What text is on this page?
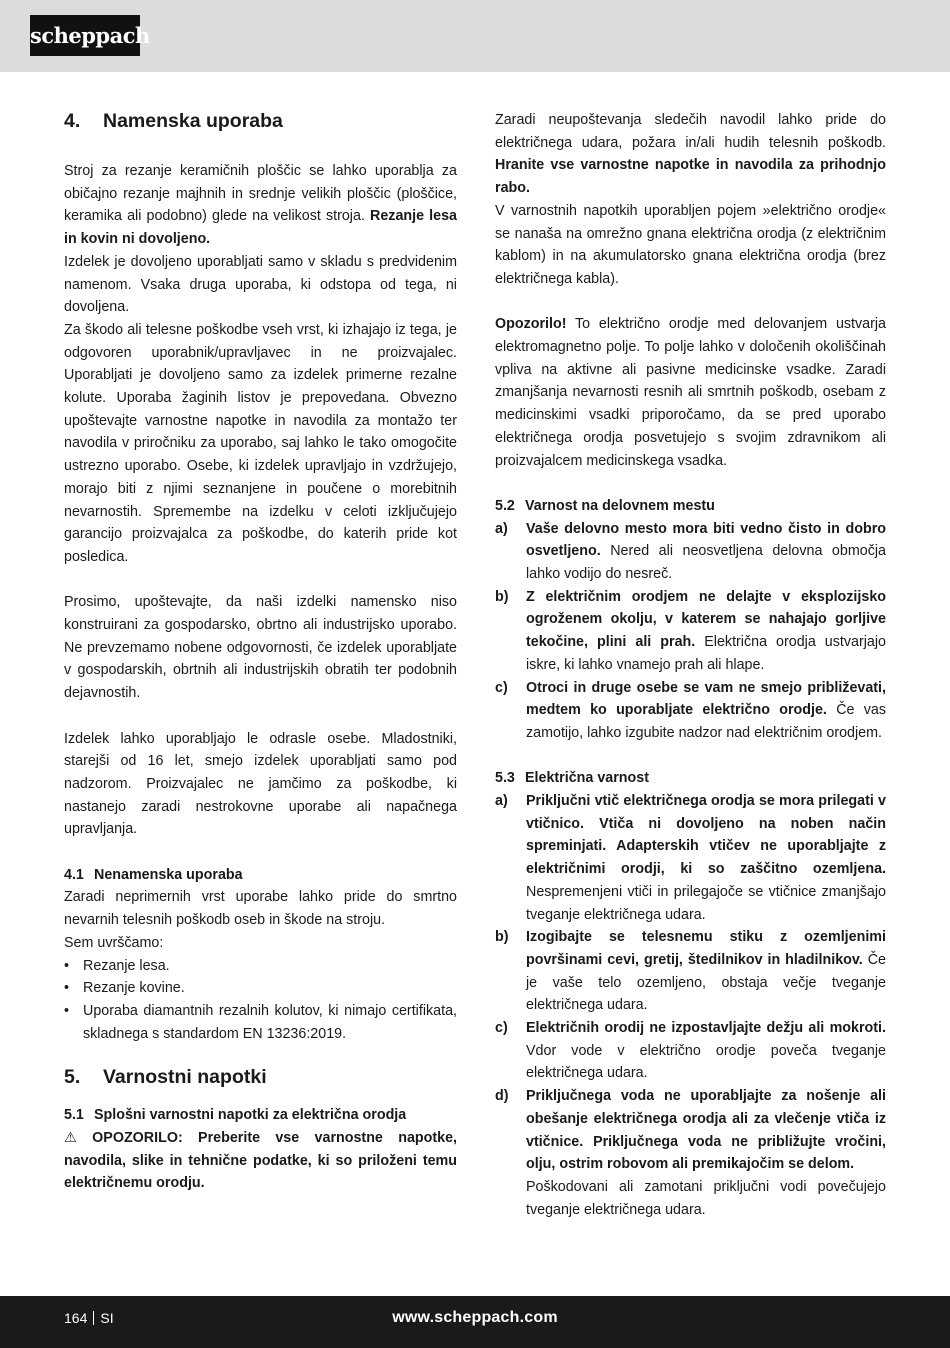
scheppach
4.	Namenska uporaba

Stroj za rezanje keramičnih ploščic se lahko uporablja za običajno rezanje majhnih in srednje velikih ploščic (ploščice, keramika ali podobno) glede na velikost stroja. Rezanje lesa in kovin ni dovoljeno.

Izdelek je dovoljeno uporabljati samo v skladu s predvidenim namenom. Vsaka druga uporaba, ki odstopa od tega, ni dovoljena.

Za škodo ali telesne poškodbe vseh vrst, ki izhajajo iz tega, je odgovoren uporabnik/upravljavec in ne proizvajalec. Uporabljati je dovoljeno samo za izdelek primerne rezalne kolute. Uporaba žaginih listov je prepovedana. Obvezno upoštevajte varnostne napotke in navodila za montažo ter navodila v priročniku za uporabo, saj lahko le tako omogočite ustrezno uporabo. Osebe, ki izdelek upravljajo in vzdržujejo, morajo biti z njimi seznanjene in poučene o morebitnih nevarnostih. Spremembe na izdelku v celoti izključujejo garancijo proizvajalca za poškodbe, do katerih pride kot posledica.

Prosimo, upoštevajte, da naši izdelki namensko niso konstruirani za gospodarsko, obrtno ali industrijsko uporabo. Ne prevzemamo nobene odgovornosti, če izdelek uporabljate v gospodarskih, obrtnih ali industrijskih obratih ter podobnih dejavnostih.

Izdelek lahko uporabljajo le odrasle osebe. Mladostniki, starejši od 16 let, smejo izdelek uporabljati samo pod nadzorom. Proizvajalec ne jamčimo za poškodbe, ki nastanejo zaradi nestrokovne uporabe ali napačnega upravljanja.

4.1 Nenamenska uporaba

Zaradi neprimernih vrst uporabe lahko pride do smrtno nevarnih telesnih poškodb oseb in škode na stroju.

Sem uvrščamo:

• Rezanje lesa.
• Rezanje kovine.
• Uporaba diamantnih rezalnih kolutov, ki nimajo certifikata, skladnega s standardom EN 13236:2019.
5.	Varnostni napotki
5.1 Splošni varnostni napotki za električna orodja

⚠ OPOZORILO: Preberite vse varnostne napotke, navodila, slike in tehnične podatke, ki so priloženi temu električnemu orodju.

Zaradi neupoštevanja sledečih navodil lahko pride do električnega udara, požara in/ali hudih telesnih poškodb. Hranite vse varnostne napotke in navodila za prihodnjo rabo.

V varnostnih napotkih uporabljen pojem »električno orodje« se nanaša na omrežno gnana električna orodja (z električnim kablom) in na akumulatorsko gnana električna orodja (brez električnega kabla).

Opozorilo! To električno orodje med delovanjem ustvarja elektromagnetno polje. To polje lahko v določenih okoliščinah vpliva na aktivne ali pasivne medicinske vsadke. Zaradi zmanjšanja nevarnosti resnih ali smrtnih poškodb, osebam z medicinskimi vsadki priporočamo, da se pred uporabo električnega orodja posvetujejo s svojim zdravnikom ali proizvajalcem medicinskega vsadka.

5.2 Varnost na delovnem mestu
a)	Vaše delovno mesto mora biti vedno čisto in dobro osvetljeno. Nered ali neosvetljena delovna območja lahko vodijo do nesreč.
b)	Z električnim orodjem ne delajte v eksplozijsko ogroženem okolju, v katerem se nahajajo gorljive tekočine, plini ali prah. Električna orodja ustvarjajo iskre, ki lahko vnamejo prah ali hlape.
c)	Otroci in druge osebe se vam ne smejo približevati, medtem ko uporabljate električno orodje. Če vas zamotijo, lahko izgubite nadzor nad električnim orodjem.
5.3 Električna varnost
a)	Priključni vtič električnega orodja se mora prilegati v vtičnico. Vtiča ni dovoljeno na noben način spreminjati. Adapterskih vtičev ne uporabljajte z električnimi orodji, ki so zaščitno ozemljena. Nespremenjeni vtiči in prilegajoče se vtičnice zmanjšajo tveganje električnega udara.
b)	Izogibajte se telesnemu stiku z ozemljenimi površinami cevi, gretij, štedilnikov in hladilnikov. Če je vaše telo ozemljeno, obstaja večje tveganje električnega udara.
c)	Električnih orodij ne izpostavljajte dežju ali mokroti. Vdor vode v električno orodje poveča tveganje električnega udara.
d)	Priključnega voda ne uporabljajte za nošenje ali obešanje električnega orodja ali za vlečenje vtiča iz vtičnice. Priključnega voda ne približujte vročini, olju, ostrim robovom ali premikajočim se delom.
Poškodovani ali zamotani priključni vodi povečujejo tveganje električnega udara.
164 SI	www.scheppach.com
